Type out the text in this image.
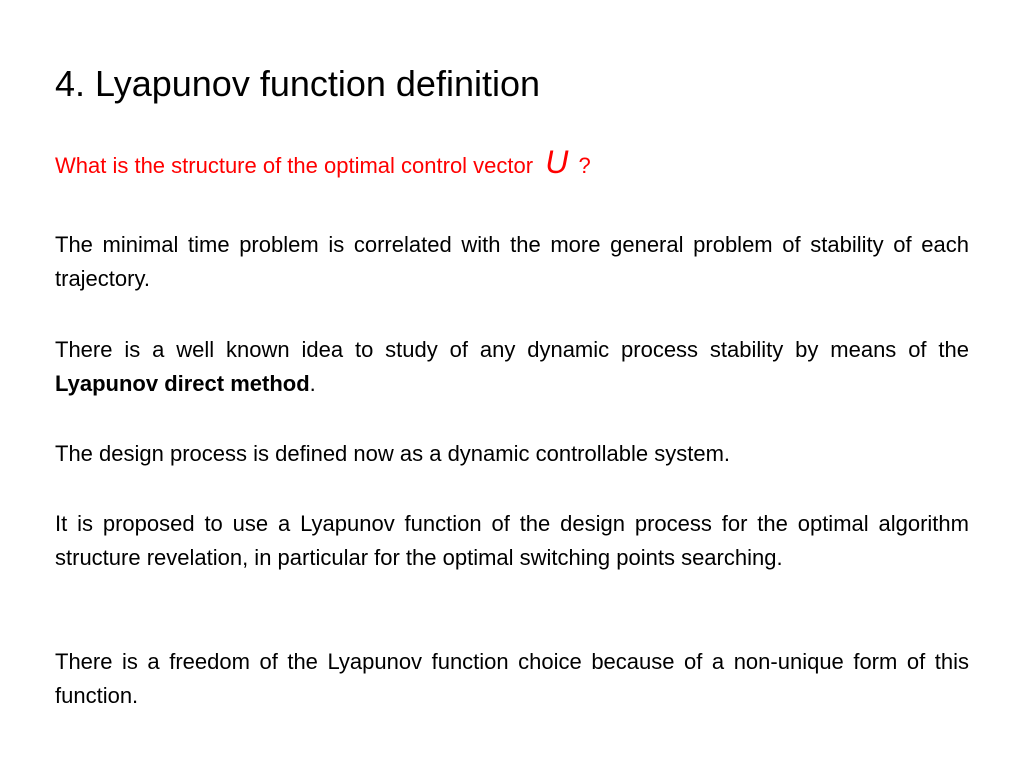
4. Lyapunov function definition
What is the structure of the optimal control vector U ?
The minimal time problem is correlated with the more general problem of stability of each trajectory.
There is a well known idea to study of any dynamic process stability by means of the Lyapunov direct method.
The design process is defined now as a dynamic controllable system.
It is proposed to use a Lyapunov function of the design process for the optimal algorithm structure revelation, in particular for the optimal switching points searching.
There is a freedom of the Lyapunov function choice because of a non-unique form of this function.
